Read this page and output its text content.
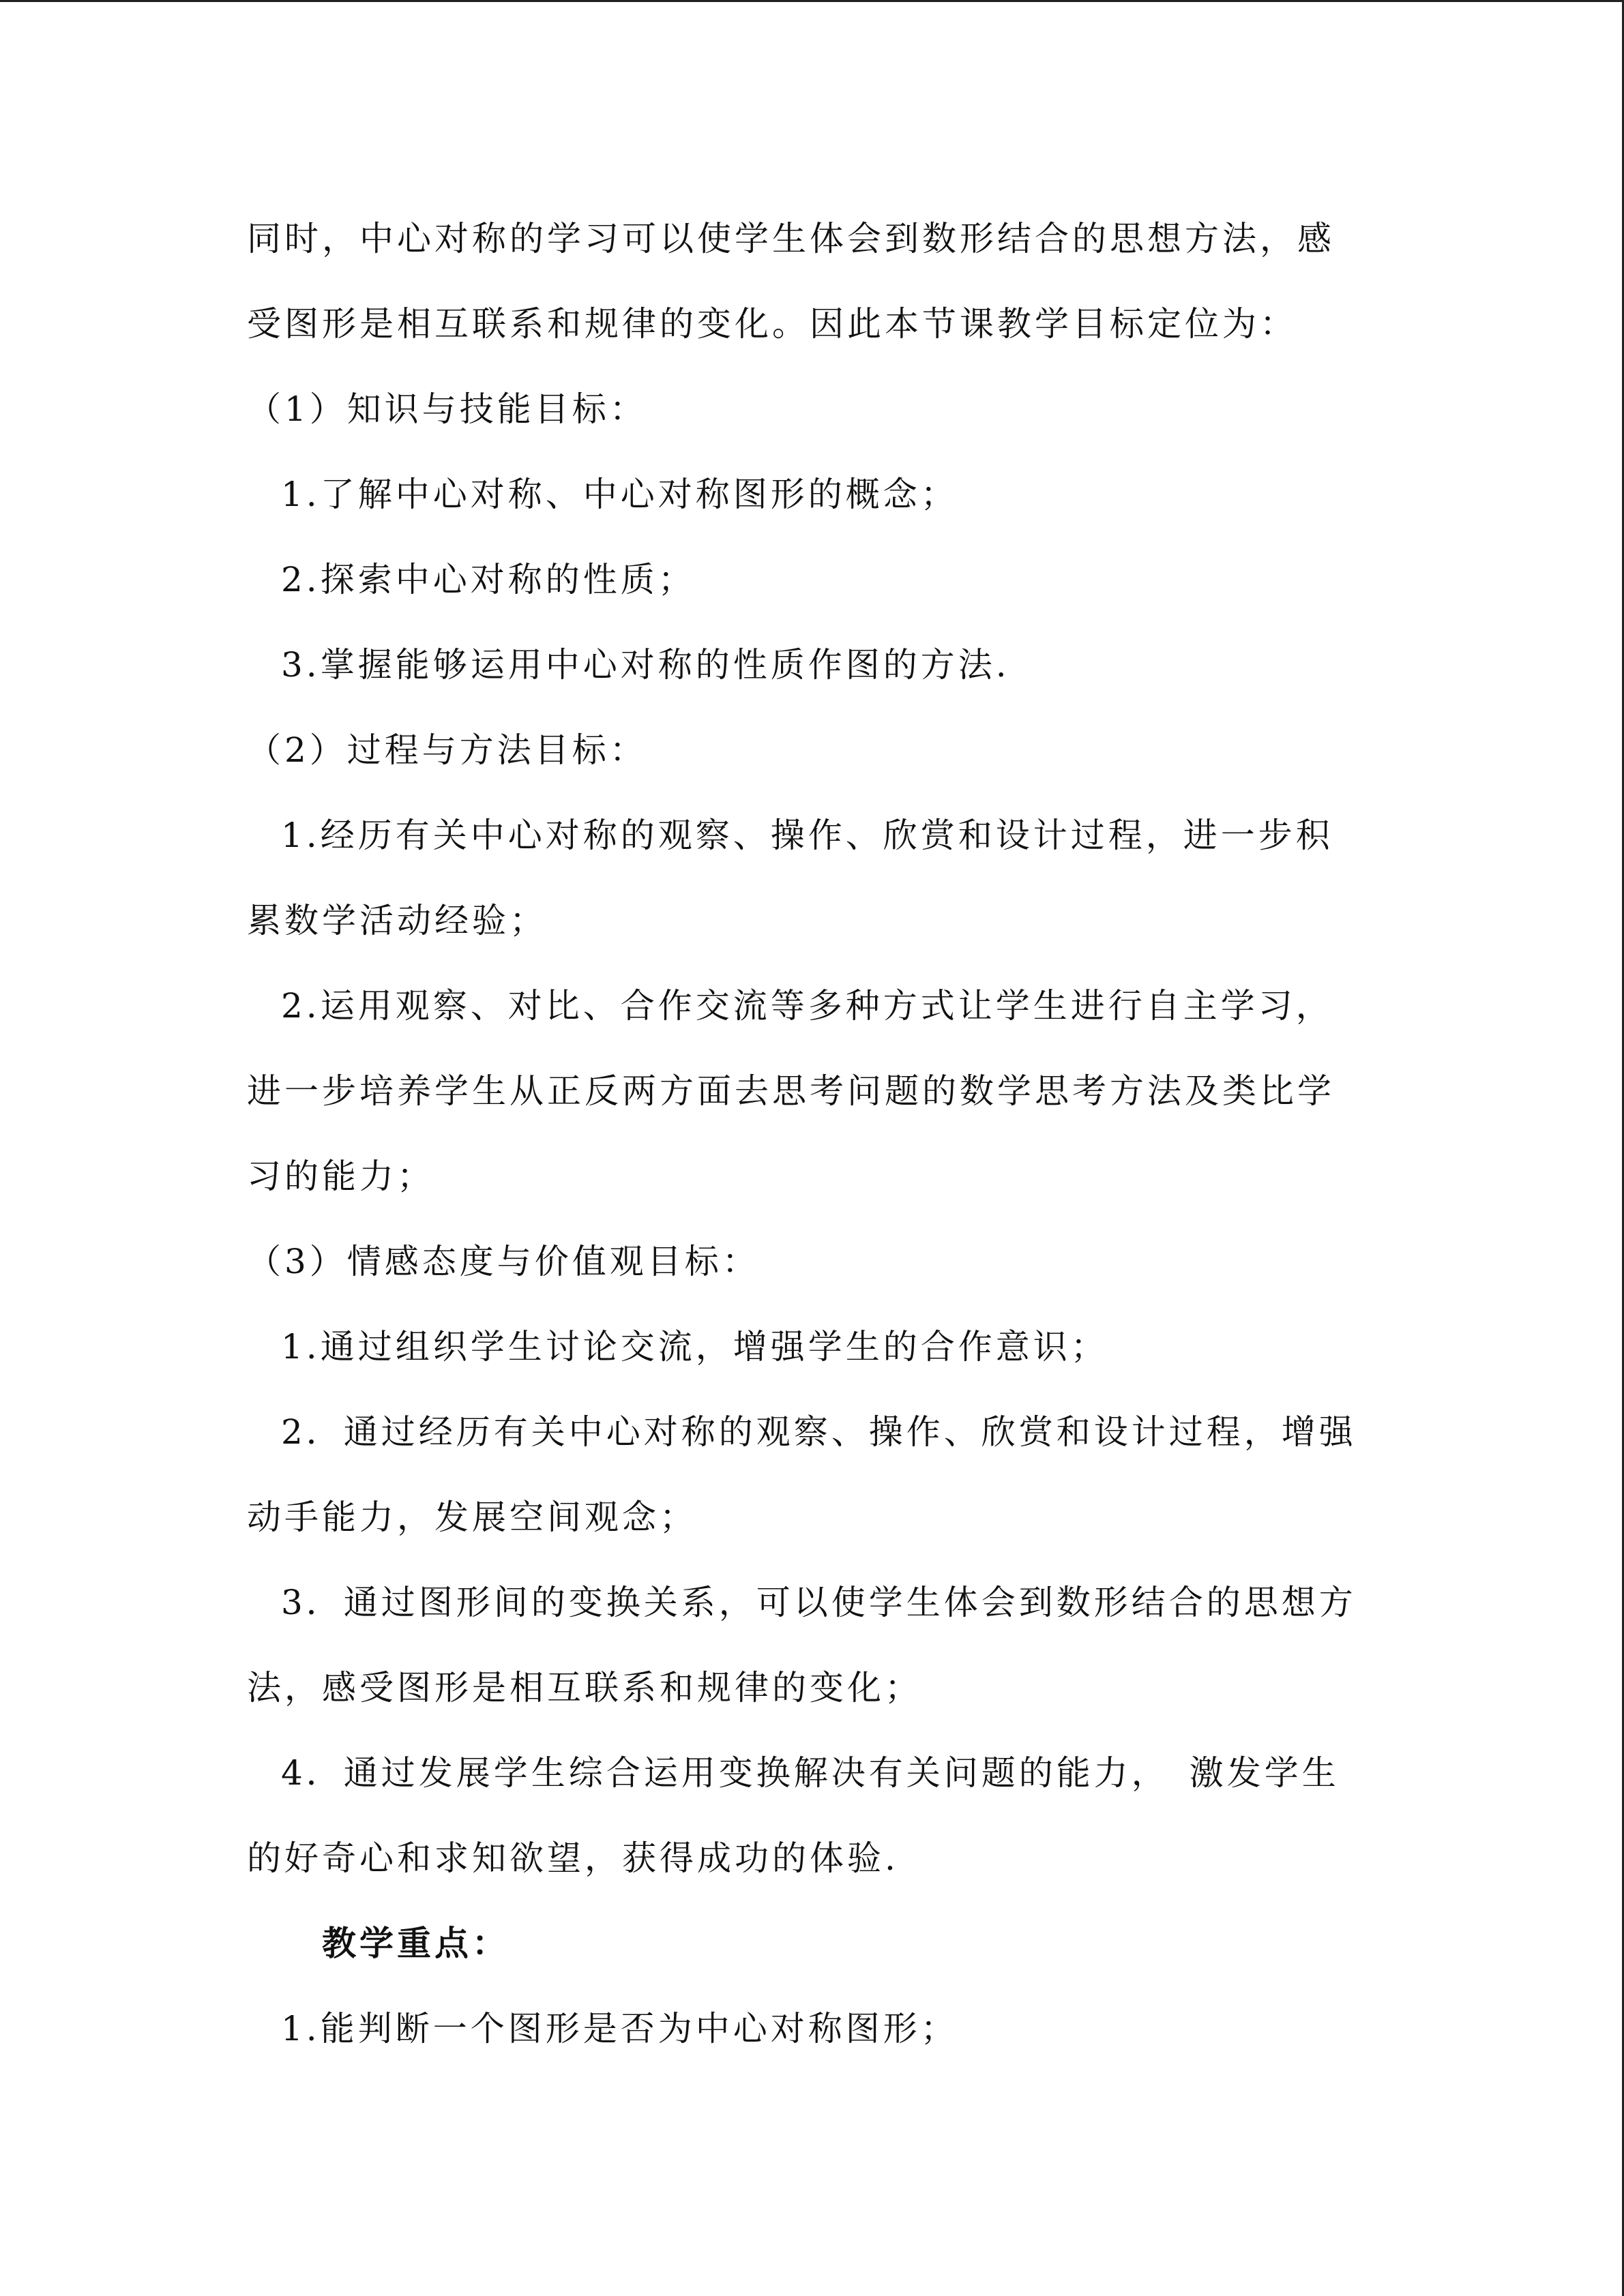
同时，中心对称的学习可以使学生体会到数形结合的思想方法，感
受图形是相互联系和规律的变化。因此本节课教学目标定位为：
（1）知识与技能目标：
1.了解中心对称、中心对称图形的概念；
2.探索中心对称的性质；
3.掌握能够运用中心对称的性质作图的方法.
（2）过程与方法目标：
1.经历有关中心对称的观察、操作、欣赏和设计过程，进一步积
累数学活动经验；
2.运用观察、对比、合作交流等多种方式让学生进行自主学习，
进一步培养学生从正反两方面去思考问题的数学思考方法及类比学
习的能力；
（3）情感态度与价值观目标：
1.通过组织学生讨论交流，增强学生的合作意识；
2．通过经历有关中心对称的观察、操作、欣赏和设计过程，增强
动手能力，发展空间观念；
3．通过图形间的变换关系，可以使学生体会到数形结合的思想方
法，感受图形是相互联系和规律的变化；
4．通过发展学生综合运用变换解决有关问题的能力，　激发学生
的好奇心和求知欲望，获得成功的体验.
教学重点：
1.能判断一个图形是否为中心对称图形；
